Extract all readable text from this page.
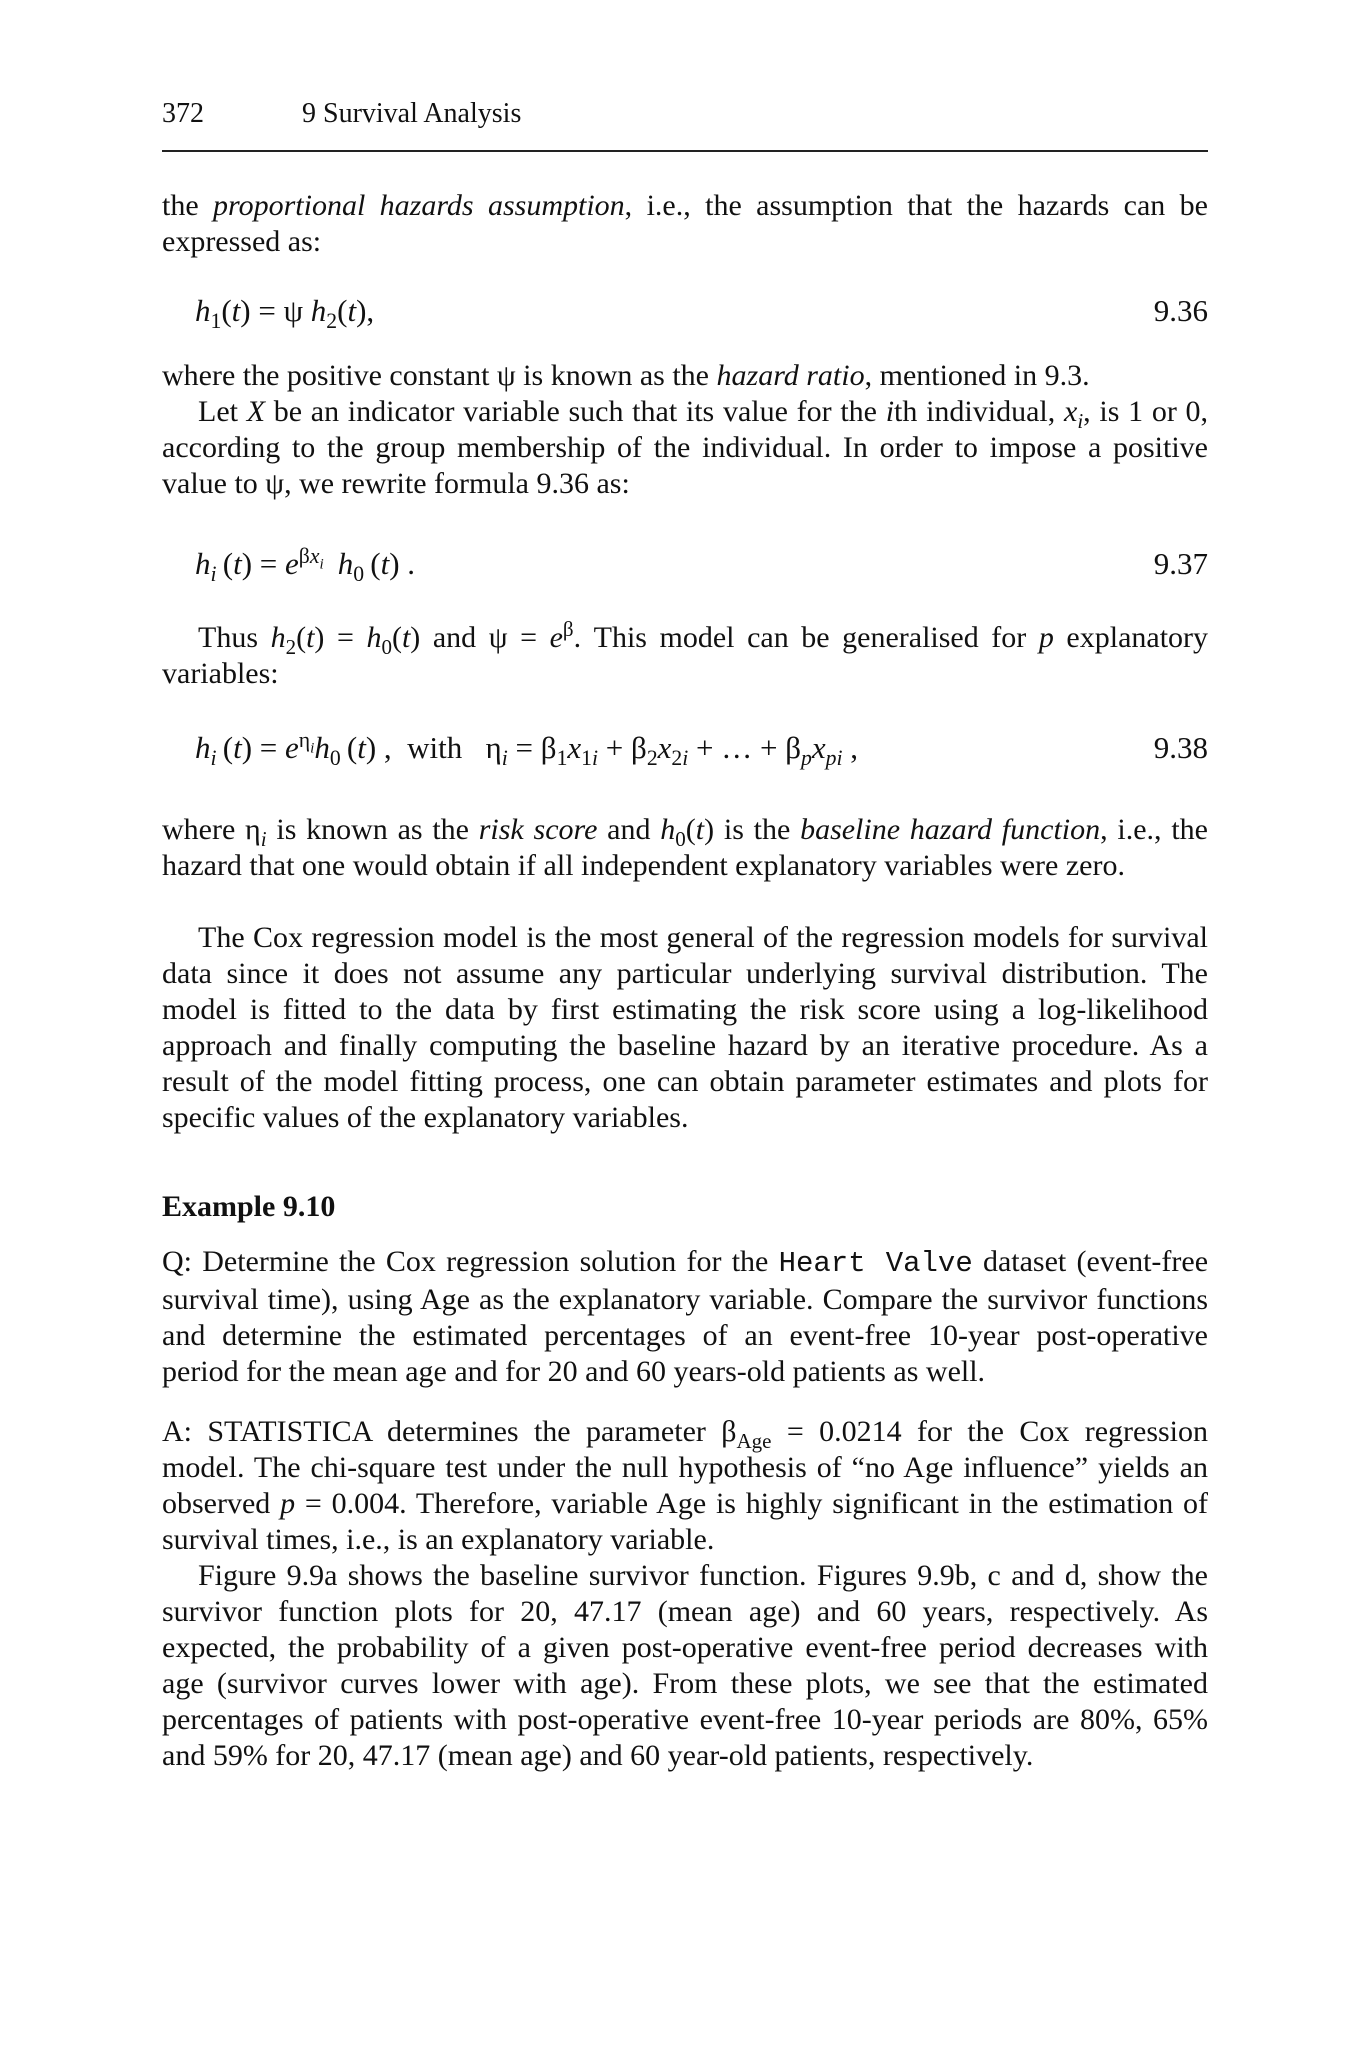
372	9 Survival Analysis
the proportional hazards assumption, i.e., the assumption that the hazards can be expressed as:
$h_1(t) = \psi$ $h_2(t)$,	9.36
where the positive constant ψ is known as the hazard ratio, mentioned in 9.3.
Let X be an indicator variable such that its value for the ith individual, $x_i$, is 1 or 0, according to the group membership of the individual. In order to impose a positive value to ψ, we rewrite formula 9.36 as:
$h_i$ $(t) = e^{\beta x_i}$ $h_0$ (t) .	9.37
Thus $h_2(t) = h_0(t)$ and $\psi = e^\beta$. This model can be generalised for p explanatory variables:
$h_i$ $(t) = e^{\eta_i}h_0$ (t) ,  with   $\eta_i = \beta_1x_{1i} + \beta_2x_{2i}$ + … + $\beta_px_{pi}$ ,	9.38
where $\eta_i$ is known as the risk score and $h_0(t)$ is the baseline hazard function, i.e., the hazard that one would obtain if all independent explanatory variables were zero.
The Cox regression model is the most general of the regression models for survival data since it does not assume any particular underlying survival distribution. The model is fitted to the data by first estimating the risk score using a log-likelihood approach and finally computing the baseline hazard by an iterative procedure. As a result of the model fitting process, one can obtain parameter estimates and plots for specific values of the explanatory variables.
Example 9.10
Q: Determine the Cox regression solution for the Heart Valve dataset (event-free survival time), using Age as the explanatory variable. Compare the survivor functions and determine the estimated percentages of an event-free 10-year post-operative period for the mean age and for 20 and 60 years-old patients as well.
A: STATISTICA determines the parameter $\beta_{Age} = 0.0214$ for the Cox regression model. The chi-square test under the null hypothesis of “no Age influence” yields an observed p = 0.004. Therefore, variable Age is highly significant in the estimation of survival times, i.e., is an explanatory variable.
Figure 9.9a shows the baseline survivor function. Figures 9.9b, c and d, show the survivor function plots for 20, 47.17 (mean age) and 60 years, respectively. As expected, the probability of a given post-operative event-free period decreases with age (survivor curves lower with age). From these plots, we see that the estimated percentages of patients with post-operative event-free 10-year periods are 80%, 65% and 59% for 20, 47.17 (mean age) and 60 year-old patients, respectively.
